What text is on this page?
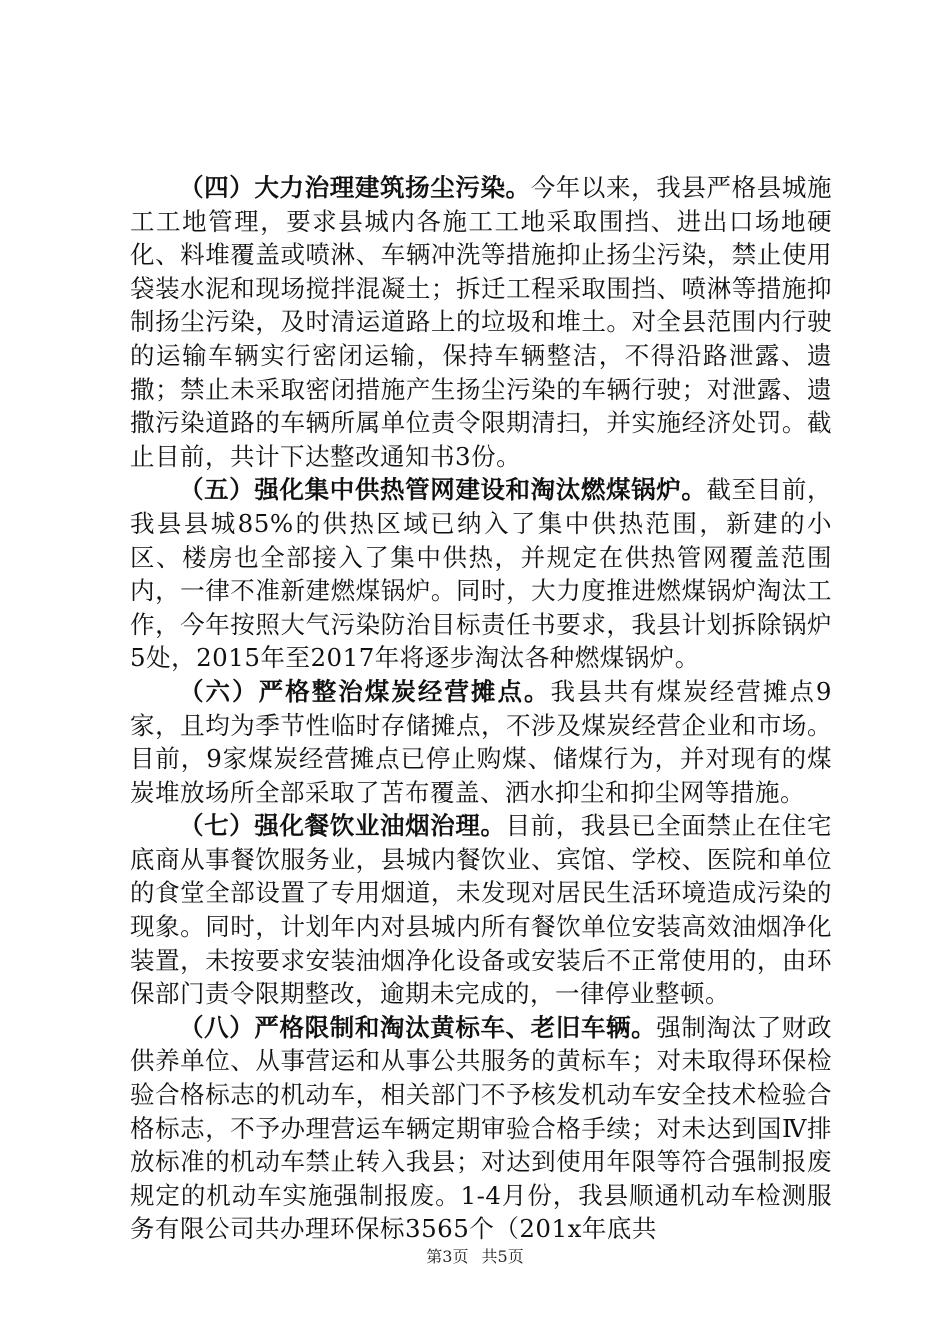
（四）大力治理建筑扬尘污染。今年以来，我县严格县城施工工地管理，要求县城内各施工工地采取围挡、进出口场地硬化、料堆覆盖或喷淋、车辆冲洗等措施抑止扬尘污染，禁止使用袋装水泥和现场搅拌混凝土；拆迁工程采取围挡、喷淋等措施抑制扬尘污染，及时清运道路上的垃圾和堆土。对全县范围内行驶的运输车辆实行密闭运输，保持车辆整洁，不得沿路泄露、遗撒；禁止未采取密闭措施产生扬尘污染的车辆行驶；对泄露、遗撒污染道路的车辆所属单位责令限期清扫，并实施经济处罚。截止目前，共计下达整改通知书3份。

（五）强化集中供热管网建设和淘汰燃煤锅炉。截至目前，我县县城85%的供热区域已纳入了集中供热范围，新建的小区、楼房也全部接入了集中供热，并规定在供热管网覆盖范围内，一律不准新建燃煤锅炉。同时，大力度推进燃煤锅炉淘汰工作，今年按照大气污染防治目标责任书要求，我县计划拆除锅炉5处，2015年至2017年将逐步淘汰各种燃煤锅炉。

（六）严格整治煤炭经营摊点。我县共有煤炭经营摊点9家，且均为季节性临时存储摊点，不涉及煤炭经营企业和市场。目前，9家煤炭经营摊点已停止购煤、储煤行为，并对现有的煤炭堆放场所全部采取了苫布覆盖、洒水抑尘和抑尘网等措施。

（七）强化餐饮业油烟治理。目前，我县已全面禁止在住宅底商从事餐饮服务业，县城内餐饮业、宾馆、学校、医院和单位的食堂全部设置了专用烟道，未发现对居民生活环境造成污染的现象。同时，计划年内对县城内所有餐饮单位安装高效油烟净化装置，未按要求安装油烟净化设备或安装后不正常使用的，由环保部门责令限期整改，逾期未完成的，一律停业整顿。

（八）严格限制和淘汰黄标车、老旧车辆。强制淘汰了财政供养单位、从事营运和从事公共服务的黄标车；对未取得环保检验合格标志的机动车，相关部门不予核发机动车安全技术检验合格标志，不予办理营运车辆定期审验合格手续；对未达到国Ⅳ排放标准的机动车禁止转入我县；对达到使用年限等符合强制报废规定的机动车实施强制报废。1-4月份，我县顺通机动车检测服务有限公司共办理环保标3565个（201x年底共

第3页 共5页
